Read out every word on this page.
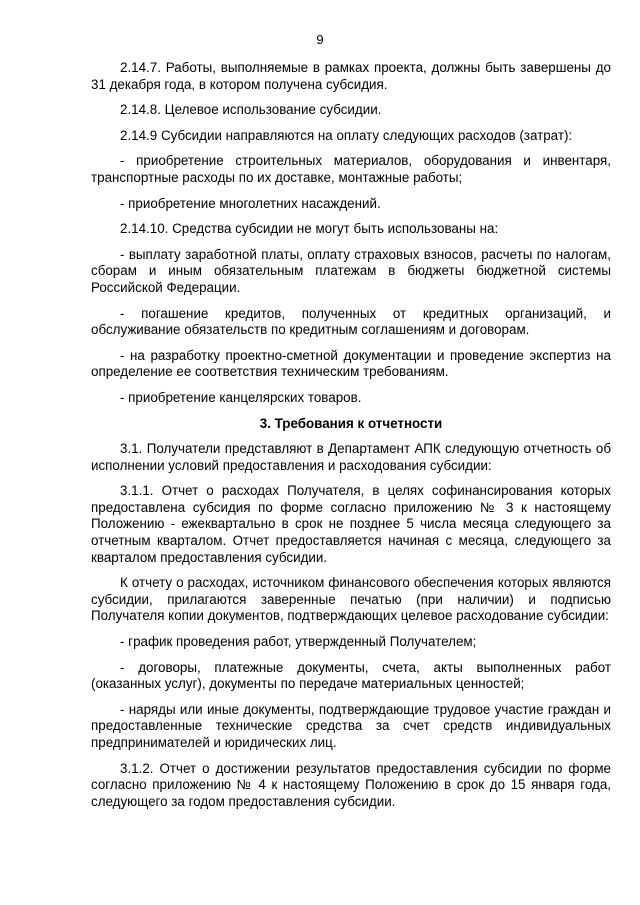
9

2.14.7. Работы, выполняемые в рамках проекта, должны быть завершены до 31 декабря года, в котором получена субсидия.

2.14.8. Целевое использование субсидии.

2.14.9 Субсидии направляются на оплату следующих расходов (затрат):

- приобретение строительных материалов, оборудования и инвентаря, транспортные расходы по их доставке, монтажные работы;

- приобретение многолетних насаждений.

2.14.10. Средства субсидии не могут быть использованы на:

- выплату заработной платы, оплату страховых взносов, расчеты по налогам, сборам и иным обязательным платежам в бюджеты бюджетной системы Российской Федерации.

- погашение кредитов, полученных от кредитных организаций, и обслуживание обязательств по кредитным соглашениям и договорам.

- на разработку проектно-сметной документации и проведение экспертиз на определение ее соответствия техническим требованиям.

- приобретение канцелярских товаров.

3. Требования к отчетности

3.1. Получатели представляют в Департамент АПК следующую отчетность об исполнении условий предоставления и расходования субсидии:

3.1.1. Отчет о расходах Получателя, в целях софинансирования которых предоставлена субсидия по форме согласно приложению № 3 к настоящему Положению - ежеквартально в срок не позднее 5 числа месяца следующего за отчетным кварталом. Отчет предоставляется начиная с месяца, следующего за кварталом предоставления субсидии.

К отчету о расходах, источником финансового обеспечения которых являются субсидии, прилагаются заверенные печатью (при наличии) и подписью Получателя копии документов, подтверждающих целевое расходование субсидии:

- график проведения работ, утвержденный Получателем;

- договоры, платежные документы, счета, акты выполненных работ (оказанных услуг), документы по передаче материальных ценностей;

- наряды или иные документы, подтверждающие трудовое участие граждан и предоставленные технические средства за счет средств индивидуальных предпринимателей и юридических лиц.

3.1.2. Отчет о достижении результатов предоставления субсидии по форме согласно приложению № 4 к настоящему Положению в срок до 15 января года, следующего за годом предоставления субсидии.
